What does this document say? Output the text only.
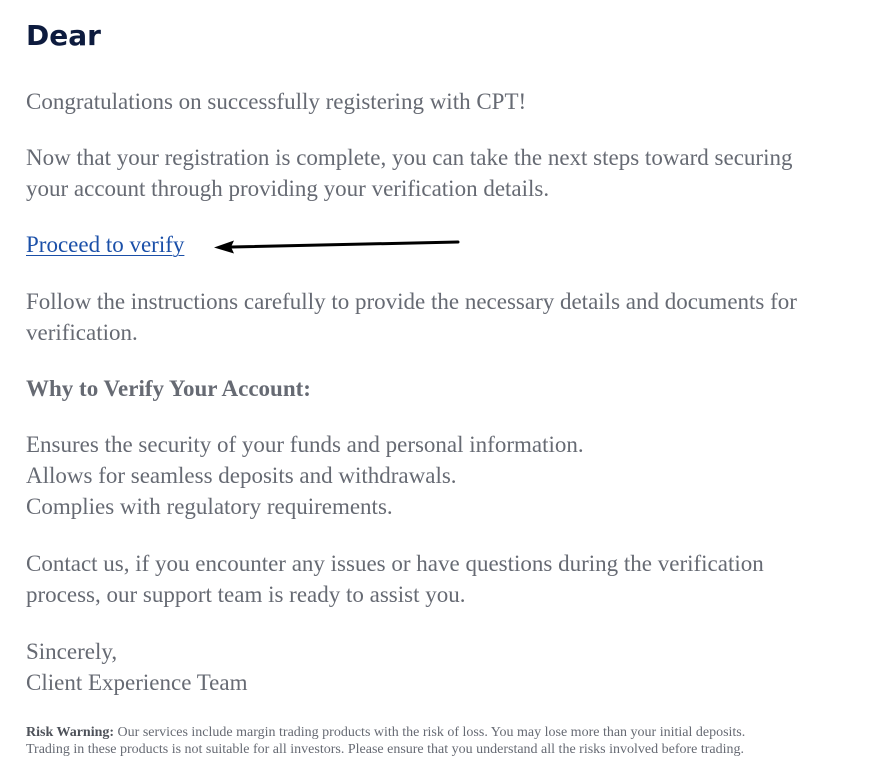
Dear

Congratulations on successfully registering with CPT!

Now that your registration is complete, you can take the next steps toward securing
your account through providing your verification details.

Proceed to verify

Follow the instructions carefully to provide the necessary details and documents for
verification.

Why to Verify Your Account:

Ensures the security of your funds and personal information.
Allows for seamless deposits and withdrawals.
Complies with regulatory requirements.

Contact us, if you encounter any issues or have questions during the verification
process, our support team is ready to assist you.

Sincerely,
Client Experience Team

Risk Warning: Our services include margin trading products with the risk of loss. You may lose more than your initial deposits.
Trading in these products is not suitable for all investors. Please ensure that you understand all the risks involved before trading.
